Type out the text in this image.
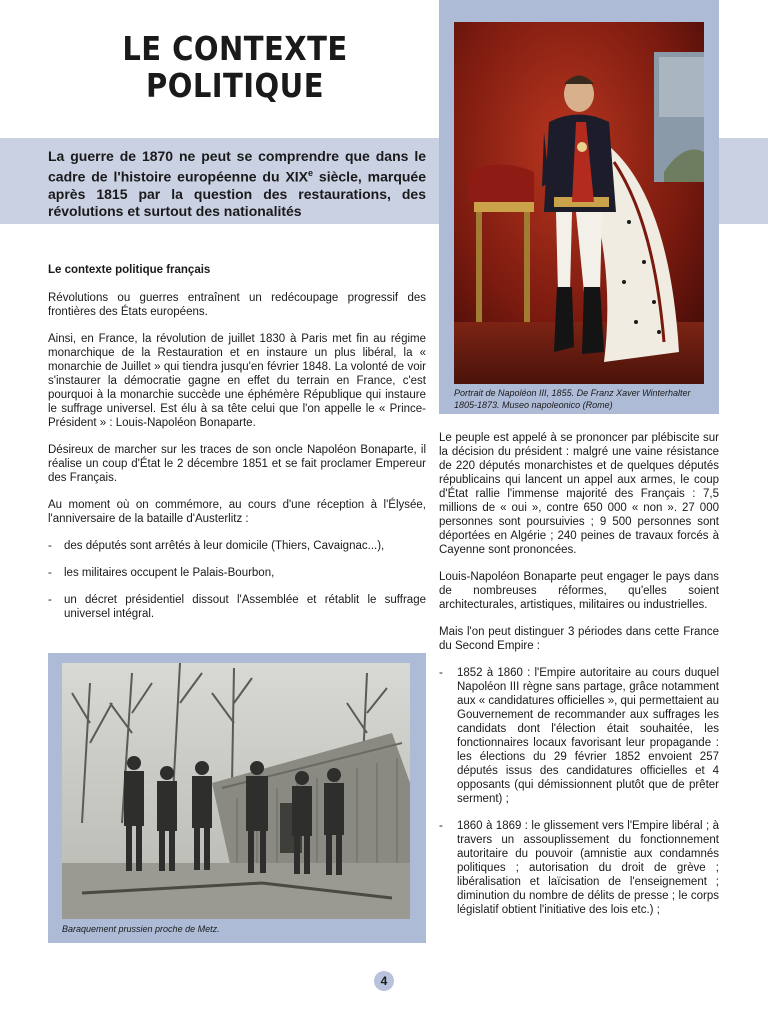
LE CONTEXTE
POLITIQUE
La guerre de 1870 ne peut se comprendre que dans le cadre de l'histoire européenne du XIXe siècle, marquée après 1815 par la question des restaurations, des révolutions et surtout des nationalités
Portrait de Napoléon III, 1855. De Franz Xaver Winterhalter 1805-1873. Museo napoleonico (Rome)
Le contexte politique français

Révolutions ou guerres entraînent un redécoupage progressif des frontières des États européens.

Ainsi, en France, la révolution de juillet 1830 à Paris met fin au régime monarchique de la Restauration et en instaure un plus libéral, la « monarchie de Juillet » qui tiendra jusqu'en février 1848. La volonté de voir s'instaurer la démocratie gagne en effet du terrain en France, c'est pourquoi à la monarchie succède une éphémère République qui instaure le suffrage universel. Est élu à sa tête celui que l'on appelle le « Prince-Président » : Louis-Napoléon Bonaparte.

Désireux de marcher sur les traces de son oncle Napoléon Bonaparte, il réalise un coup d'État le 2 décembre 1851 et se fait proclamer Empereur des Français.

Au moment où on commémore, au cours d'une réception à l'Élysée, l'anniversaire de la bataille d'Austerlitz :

- des députés sont arrêtés à leur domicile (Thiers, Cavaignac...),
- les militaires occupent le Palais-Bourbon,
- un décret présidentiel dissout l'Assemblée et rétablit le suffrage universel intégral.
Baraquement prussien proche de Metz.

Le peuple est appelé à se prononcer par plébiscite sur la décision du président : malgré une vaine résistance de 220 députés monarchistes et de quelques députés républicains qui lancent un appel aux armes, le coup d'État rallie l'immense majorité des Français : 7,5 millions de « oui », contre 650 000 « non ». 27 000 personnes sont poursuivies ; 9 500 personnes sont déportées en Algérie ; 240 peines de travaux forcés à Cayenne sont prononcées.

Louis-Napoléon Bonaparte peut engager le pays dans de nombreuses réformes, qu'elles soient architecturales, artistiques, militaires ou industrielles.

Mais l'on peut distinguer 3 périodes dans cette France du Second Empire :

- 1852 à 1860 : l'Empire autoritaire au cours duquel Napoléon III règne sans partage, grâce notamment aux « candidatures officielles », qui permettaient au Gouvernement de recommander aux suffrages les candidats dont l'élection était souhaitée, les fonctionnaires locaux favorisant leur propagande : les élections du 29 février 1852 envoient 257 députés issus des candidatures officielles et 4 opposants (qui démissionnent plutôt que de prêter serment) ;
- 1860 à 1869 : le glissement vers l'Empire libéral ; à travers un assouplissement du fonctionnement autoritaire du pouvoir (amnistie aux condamnés politiques ; autorisation du droit de grève ; libéralisation et laïcisation de l'enseignement ; diminution du nombre de délits de presse ; le corps législatif obtient l'initiative des lois etc.) ;
4
